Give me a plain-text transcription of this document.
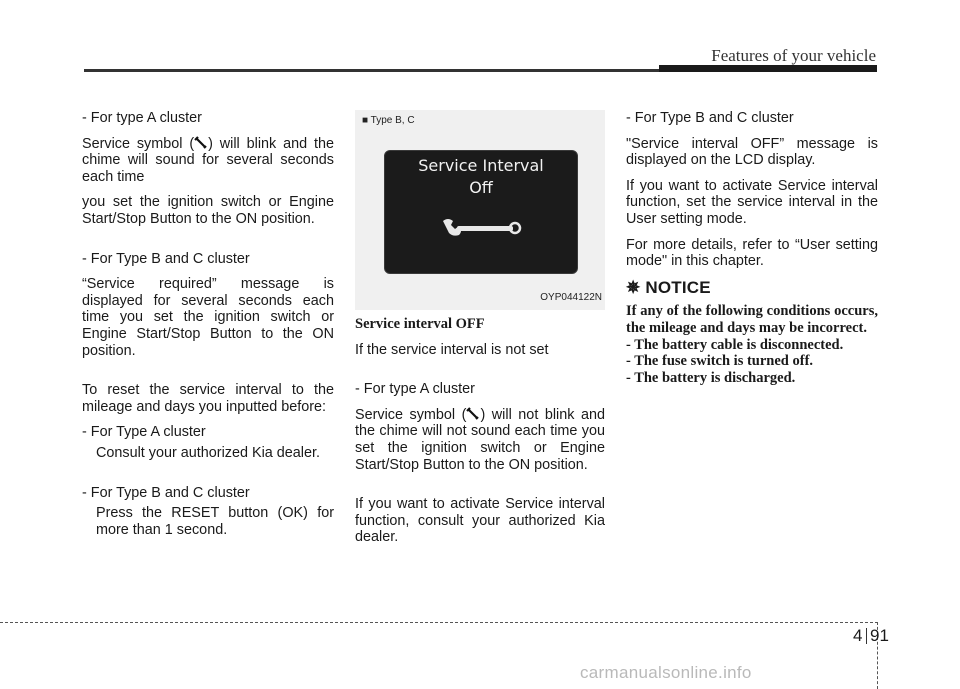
Features of your vehicle

- For type A cluster

Service symbol ( ) will blink and the chime will sound for several seconds each time

you set the ignition switch or Engine Start/Stop Button to the ON position.

- For Type B and C cluster

“Service required” message is displayed for several seconds each time you set the ignition switch or Engine Start/Stop Button to the ON position.

To reset the service interval to the mileage and days you inputted before:

- For Type A cluster

Consult your authorized Kia dealer.

- For Type B and C cluster

Press the RESET button (OK) for more than 1 second.

■ Type B, C
Service Interval
Off
OYP044122N

Service interval OFF

If the service interval is not set

- For type A cluster

Service symbol ( ) will not blink and the chime will not sound each time you set the ignition switch or Engine Start/Stop Button to the ON position.

If you want to activate Service interval function, consult your authorized Kia dealer.

- For Type B and C cluster

"Service interval OFF” message is displayed on the LCD display.

If you want to activate Service interval function, set the service interval in the User setting mode.

For more details, refer to “User setting mode" in this chapter.

✵ NOTICE

If any of the following conditions occurs, the mileage and days may be incorrect.

- The battery cable is disconnected.

- The fuse switch is turned off.

- The battery is discharged.

4 91
carmanualsonline.info
